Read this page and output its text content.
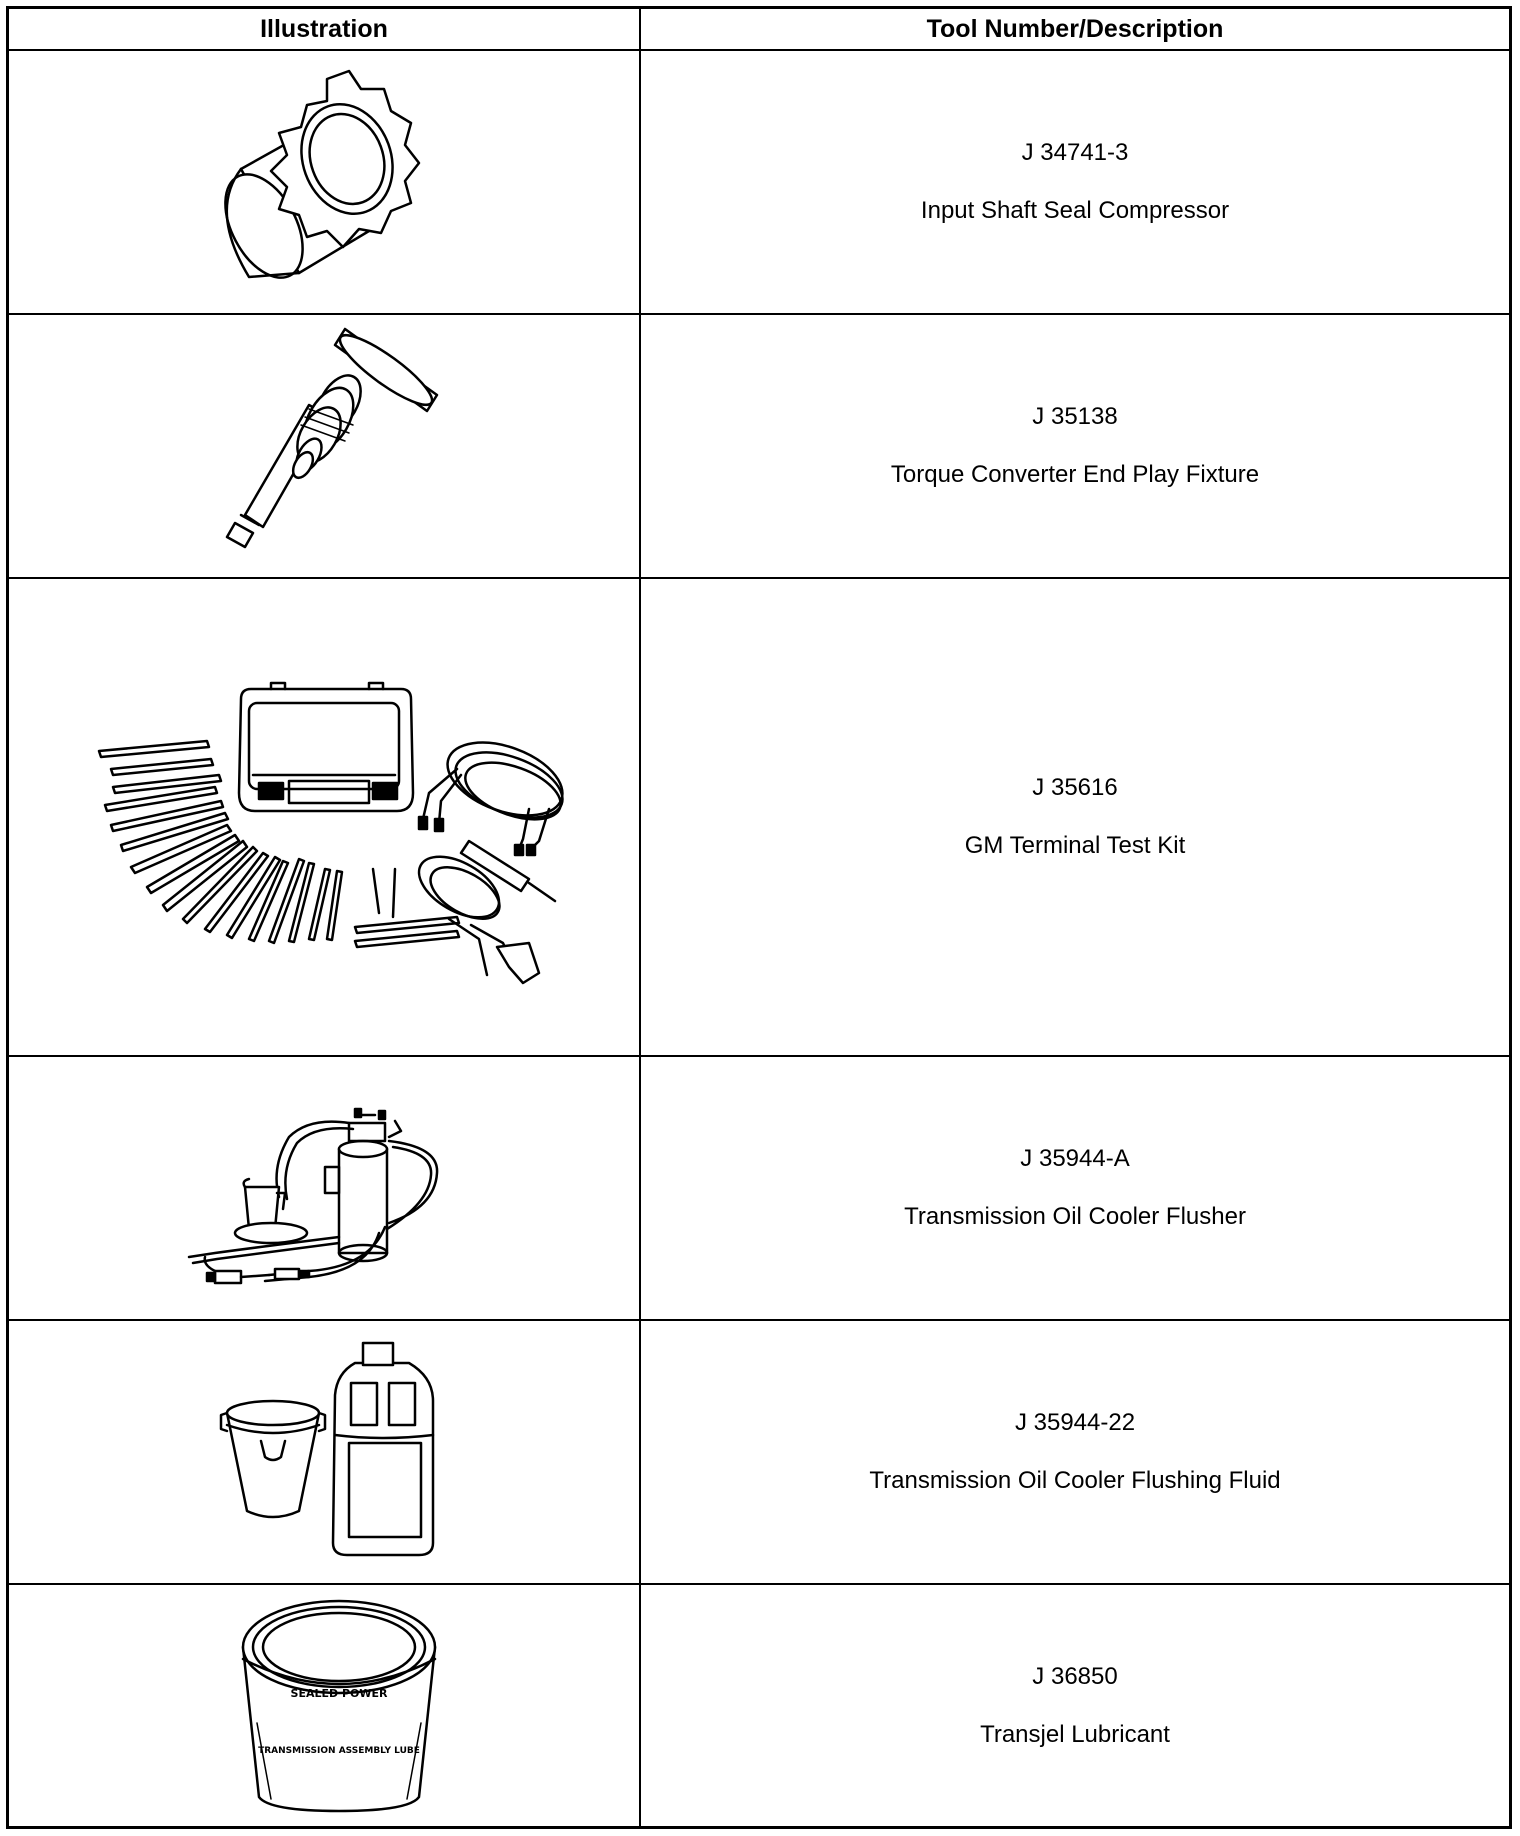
Illustration	Tool Number/Description
J 34741-3
Input Shaft Seal Compressor
J 35138
Torque Converter End Play Fixture
J 35616
GM Terminal Test Kit
J 35944-A
Transmission Oil Cooler Flusher
J 35944-22
Transmission Oil Cooler Flushing Fluid
SEALED POWER
TRANSMISSION ASSEMBLY LUBE
J 36850
Transjel Lubricant
